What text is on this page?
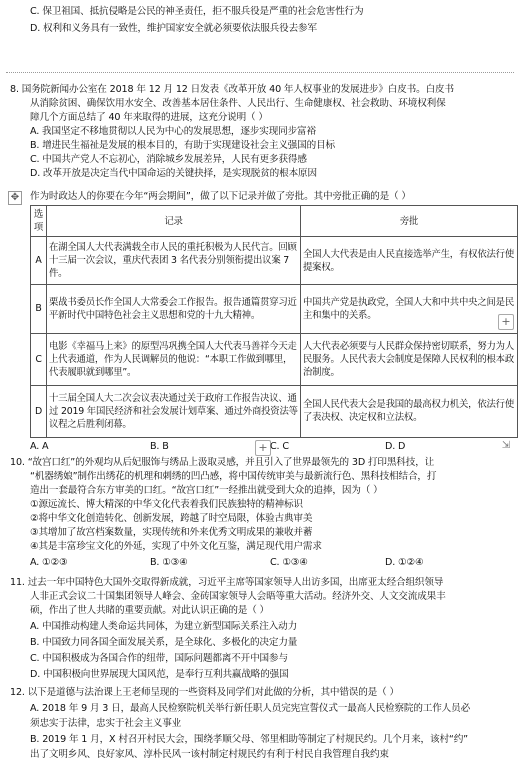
C. 保卫祖国、抵抗侵略是公民的神圣责任，拒不服兵役是严重的社会危害性行为
D. 权利和义务具有一致性，维护国家安全就必须要依法服兵役去参军
8. 国务院新闻办公室在 2018 年 12 月 12 日发表《改革开放 40 年人权事业的发展进步》白皮书。白皮书
从消除贫困、确保饮用水安全、改善基本居住条件、人民出行、生命健康权、社会救助、环境权利保
障几个方面总结了 40 年来取得的进展，这充分说明（ ）
A. 我国坚定不移地贯彻以人民为中心的发展思想，逐步实现同步富裕
B. 增进民生福祉是发展的根本目的，有助于实现建设社会主义强国的目标
C. 中国共产党人不忘初心，消除城乡发展差异，人民有更多获得感
D. 改革开放是决定当代中国命运的关键抉择，是实现脱贫的根本原因
✥ 作为时政达人的你要在今年“两会期间”，做了以下记录并做了旁批。其中旁批正确的是（ ）
选项	记录	旁批
A	在湖全国人大代表满载全市人民的重托积极为人民代言。回顾十三届一次会议，重庆代表团 3 名代表分别领衔提出议案 7 件。	全国人大代表是由人民直接选举产生，有权依法行使提案权。
B	栗战书委员长作全国人大常委会工作报告。报告通篇贯穿习近平新时代中国特色社会主义思想和党的十九大精神。	中国共产党是执政党，全国人大和中共中央之间是民主和集中的关系。
C	电影《幸福马上来》的原型冯巩携全国人大代表马善祥今天走上代表通道，作为人民调解员的他说：“本职工作做到哪里，代表履职就到哪里”。	人大代表必须要与人民群众保持密切联系，努力为人民服务。人民代表大会制度是保障人民权利的根本政治制度。
D	十三届全国人大二次会议表决通过关于政府工作报告决议、通过 2019 年国民经济和社会发展计划草案、通过外商投资法等议程之后胜利闭幕。	全国人民代表大会是我国的最高权力机关，依法行使了表决权、决定权和立法权。
+
+	⇲
A. A	B. B	C. C	D. D
10. “故宫口红”的外观均从后妃服饰与绣品上汲取灵感，并且引入了世界最领先的 3D 打印黑科技，让
“机器绣娘”制作出绣花的机理和刺绣的凹凸感，将中国传统审美与最新流行色、黑科技相结合，打
造出一套最符合东方审美的口红。“故宫口红”一经推出就受到大众的追捧，因为（ ）
①源远流长、博大精深的中华文化代表着我们民族独特的精神标识
②将中华文化创造转化、创新发展，跨越了时空局限，体验古典审美
③其增加了故宫档案数量，实现传统和外来优秀文明成果的兼收并蓄
④其是丰富珍宝文化的外延，实现了中外文化互鉴，满足现代用户需求
A. ①②③	B. ①③④	C. ①③④	D. ①②④
11. 过去一年中国特色大国外交取得新成就，习近平主席等国家领导人出访多国，出席亚太经合组织领导
人非正式会议二十国集团领导人峰会、金砖国家领导人会晤等重大活动。经济外交、人文交流成果丰
硕，作出了世人共睹的重要贡献。对此认识正确的是（ ）
A. 中国推动构建人类命运共同体，为建立新型国际关系注入动力
B. 中国致力同各国全面发展关系，是全球化、多极化的决定力量
C. 中国积极成为各国合作的纽带，国际问题都离不开中国参与
D. 中国积极向世界展现大国风范，是奉行互利共赢战略的强国
12. 以下是道德与法治课上王老师呈现的一些资料及同学们对此做的分析，其中错误的是（ ）
A. 2018 年 9 月 3 日，最高人民检察院机关举行新任职人员完宪宣誓仪式一最高人民检察院的工作人员必
须忠实于法律，忠实于社会主义事业
B. 2019 年 1 月，X 村召开村民大会，围绕孝顺父母、邻里相助等制定了村规民约。几个月来，该村“约”
出了文明乡风、良好家风、淳朴民风一该村制定村规民约有利于村民自我管理自我约束
